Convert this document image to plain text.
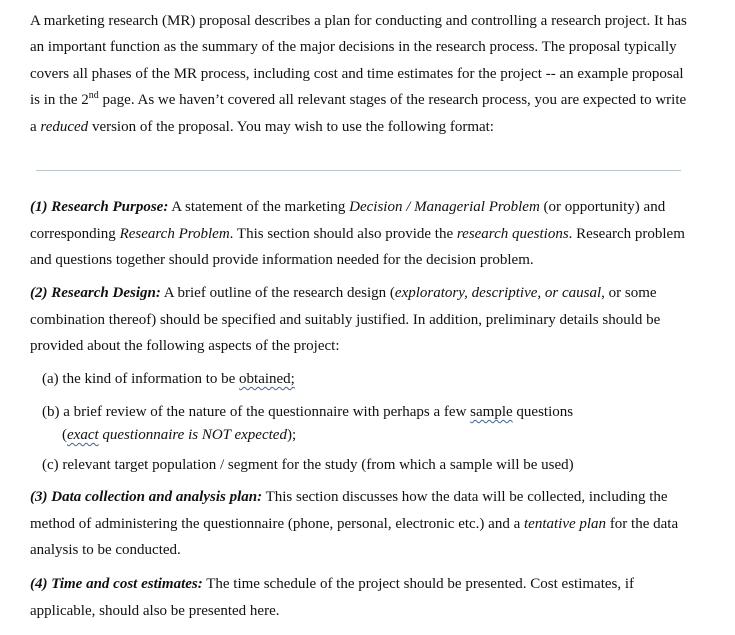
A marketing research (MR) proposal describes a plan for conducting and controlling a research project. It has an important function as the summary of the major decisions in the research process. The proposal typically covers all phases of the MR process, including cost and time estimates for the project -- an example proposal is in the 2nd page. As we haven’t covered all relevant stages of the research process, you are expected to write a reduced version of the proposal. You may wish to use the following format:

(1) Research Purpose: A statement of the marketing Decision / Managerial Problem (or opportunity) and corresponding Research Problem. This section should also provide the research questions. Research problem and questions together should provide information needed for the decision problem.

(2) Research Design: A brief outline of the research design (exploratory, descriptive, or causal, or some combination thereof) should be specified and suitably justified. In addition, preliminary details should be provided about the following aspects of the project:

(a) the kind of information to be obtained;

(b) a brief review of the nature of the questionnaire with perhaps a few sample questions

(exact questionnaire is NOT expected);

(c) relevant target population / segment for the study (from which a sample will be used)

(3) Data collection and analysis plan: This section discusses how the data will be collected, including the method of administering the questionnaire (phone, personal, electronic etc.) and a tentative plan for the data analysis to be conducted.

(4) Time and cost estimates: The time schedule of the project should be presented. Cost estimates, if applicable, should also be presented here.
